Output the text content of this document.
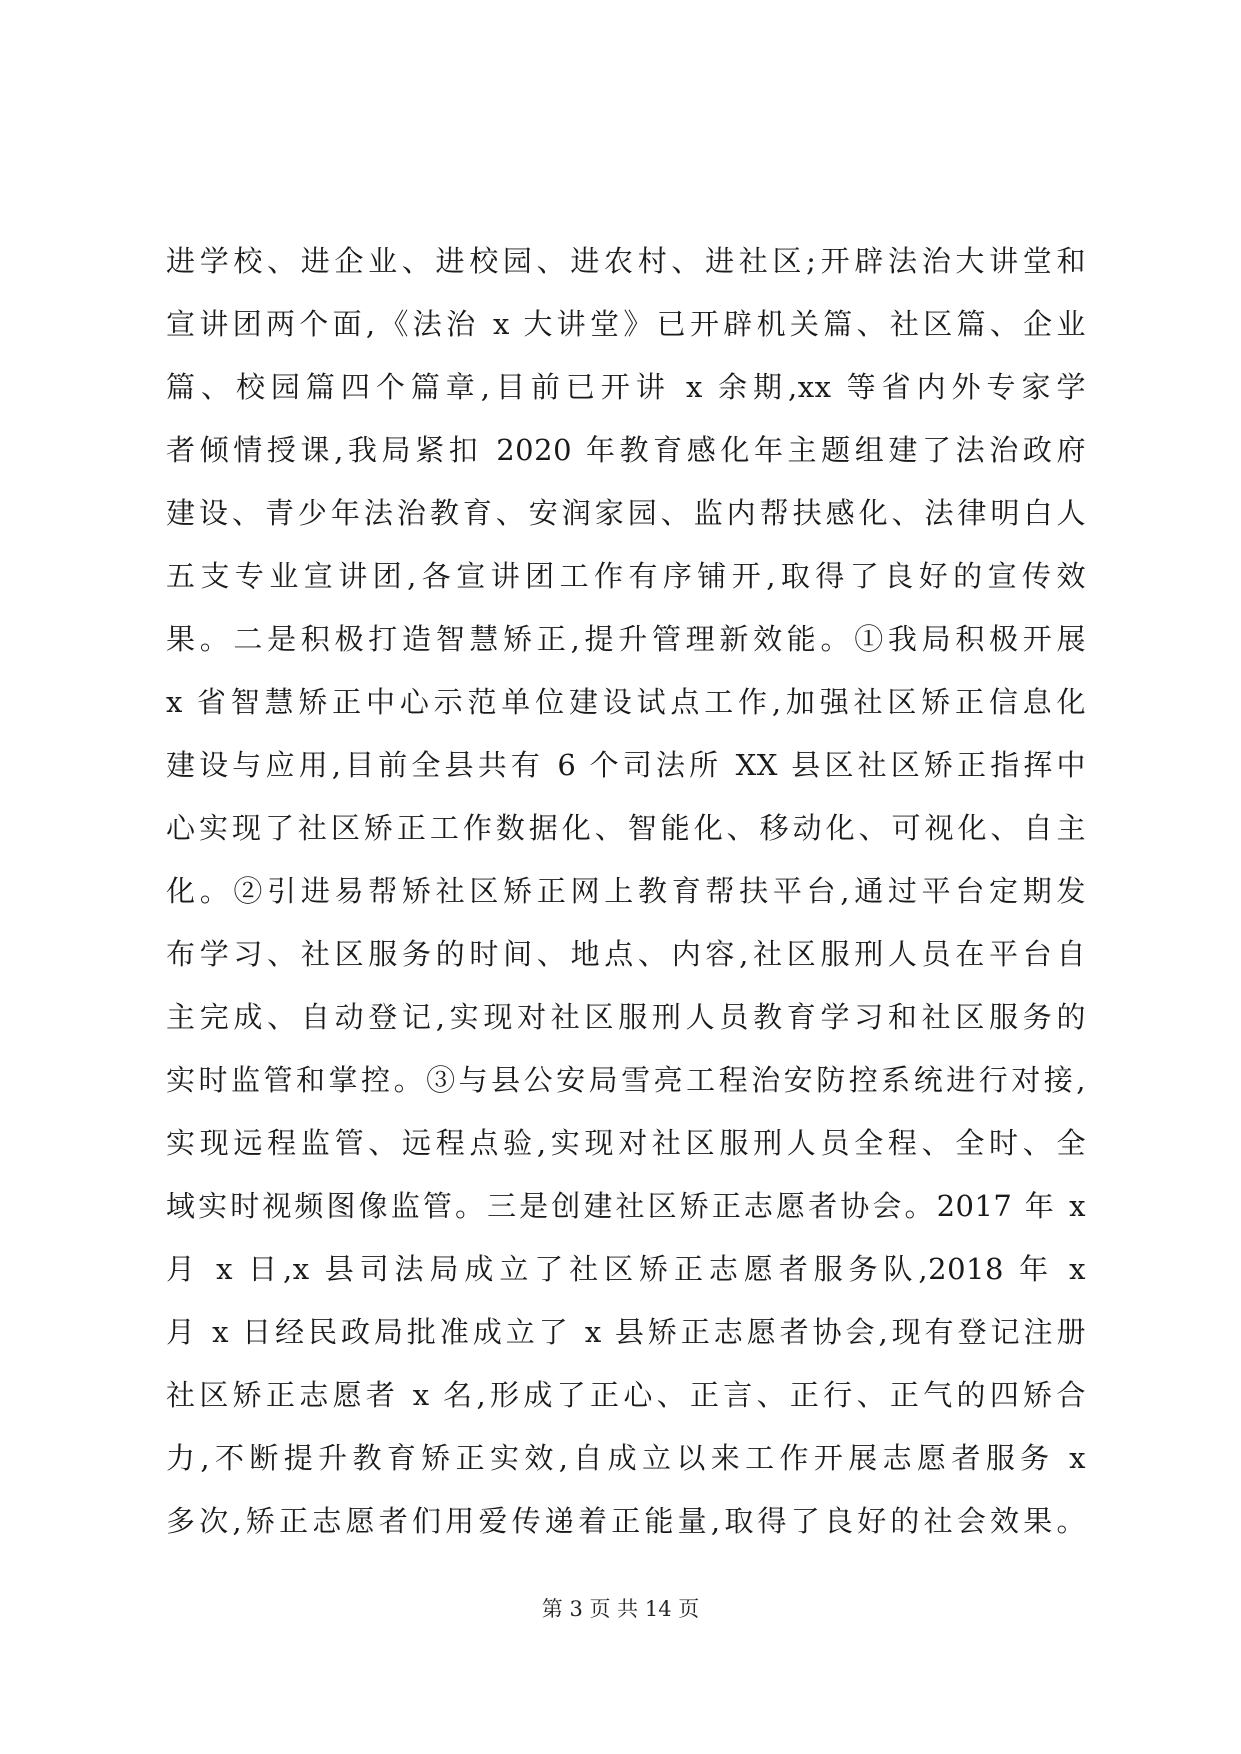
进学校、进企业、进校园、进农村、进社区;开辟法治大讲堂和
宣讲团两个面,《法治 x 大讲堂》已开辟机关篇、社区篇、企业
篇、校园篇四个篇章,目前已开讲 x 余期,xx 等省内外专家学
者倾情授课,我局紧扣 2020 年教育感化年主题组建了法治政府
建设、青少年法治教育、安润家园、监内帮扶感化、法律明白人
五支专业宣讲团,各宣讲团工作有序铺开,取得了良好的宣传效
果。二是积极打造智慧矫正,提升管理新效能。①我局积极开展
x 省智慧矫正中心示范单位建设试点工作,加强社区矫正信息化
建设与应用,目前全县共有 6 个司法所 XX 县区社区矫正指挥中
心实现了社区矫正工作数据化、智能化、移动化、可视化、自主
化。②引进易帮矫社区矫正网上教育帮扶平台,通过平台定期发
布学习、社区服务的时间、地点、内容,社区服刑人员在平台自
主完成、自动登记,实现对社区服刑人员教育学习和社区服务的
实时监管和掌控。③与县公安局雪亮工程治安防控系统进行对接,
实现远程监管、远程点验,实现对社区服刑人员全程、全时、全
域实时视频图像监管。三是创建社区矫正志愿者协会。2017 年 x
月 x 日,x 县司法局成立了社区矫正志愿者服务队,2018 年 x
月 x 日经民政局批准成立了 x 县矫正志愿者协会,现有登记注册
社区矫正志愿者 x 名,形成了正心、正言、正行、正气的四矫合
力,不断提升教育矫正实效,自成立以来工作开展志愿者服务 x
多次,矫正志愿者们用爱传递着正能量,取得了良好的社会效果。
第 3 页 共 14 页
